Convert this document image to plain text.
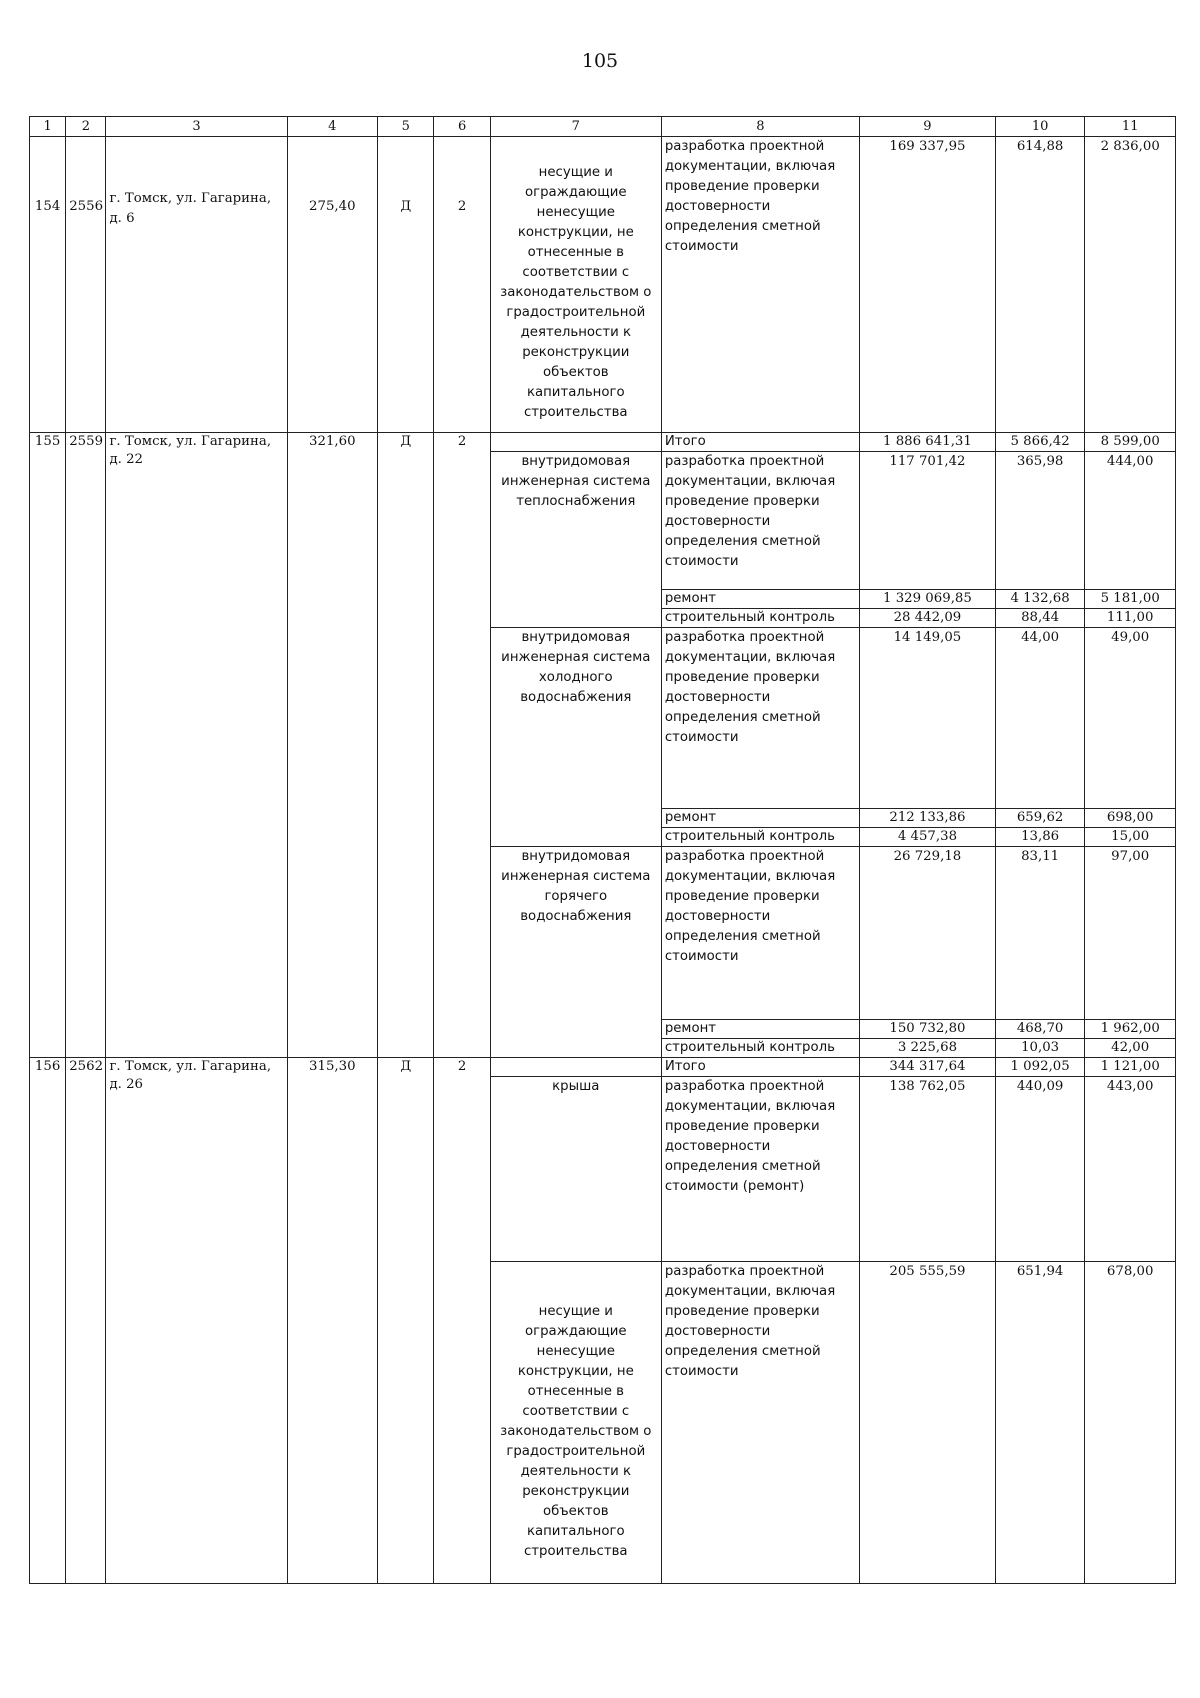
105
1	2	3	4	5	6	7	8	9	10	11
154	2556	г. Томск, ул. Гагарина, д. 6	275,40	Д	2	несущие и ограждающие ненесущие конструкции, не отнесенные в соответствии с законодательством о градостроительной деятельности к реконструкции объектов капитального строительства	разработка проектной документации, включая проведение проверки достоверности определения сметной стоимости	169 337,95	614,88	2 836,00
155	2559	г. Томск, ул. Гагарина, д. 22	321,60	Д	2		Итого	1 886 641,31	5 866,42	8 599,00
						внутридомовая инженерная система теплоснабжения	разработка проектной документации, включая проведение проверки достоверности определения сметной стоимости	117 701,42	365,98	444,00
							ремонт	1 329 069,85	4 132,68	5 181,00
							строительный контроль	28 442,09	88,44	111,00
						внутридомовая инженерная система холодного водоснабжения	разработка проектной документации, включая проведение проверки достоверности определения сметной стоимости	14 149,05	44,00	49,00
							ремонт	212 133,86	659,62	698,00
							строительный контроль	4 457,38	13,86	15,00
						внутридомовая инженерная система горячего водоснабжения	разработка проектной документации, включая проведение проверки достоверности определения сметной стоимости	26 729,18	83,11	97,00
							ремонт	150 732,80	468,70	1 962,00
							строительный контроль	3 225,68	10,03	42,00
156	2562	г. Томск, ул. Гагарина, д. 26	315,30	Д	2		Итого	344 317,64	1 092,05	1 121,00
						крыша	разработка проектной документации, включая проведение проверки достоверности определения сметной стоимости (ремонт)	138 762,05	440,09	443,00
						несущие и ограждающие ненесущие конструкции, не отнесенные в соответствии с законодательством о градостроительной деятельности к реконструкции объектов капитального строительства	разработка проектной документации, включая проведение проверки достоверности определения сметной стоимости	205 555,59	651,94	678,00
